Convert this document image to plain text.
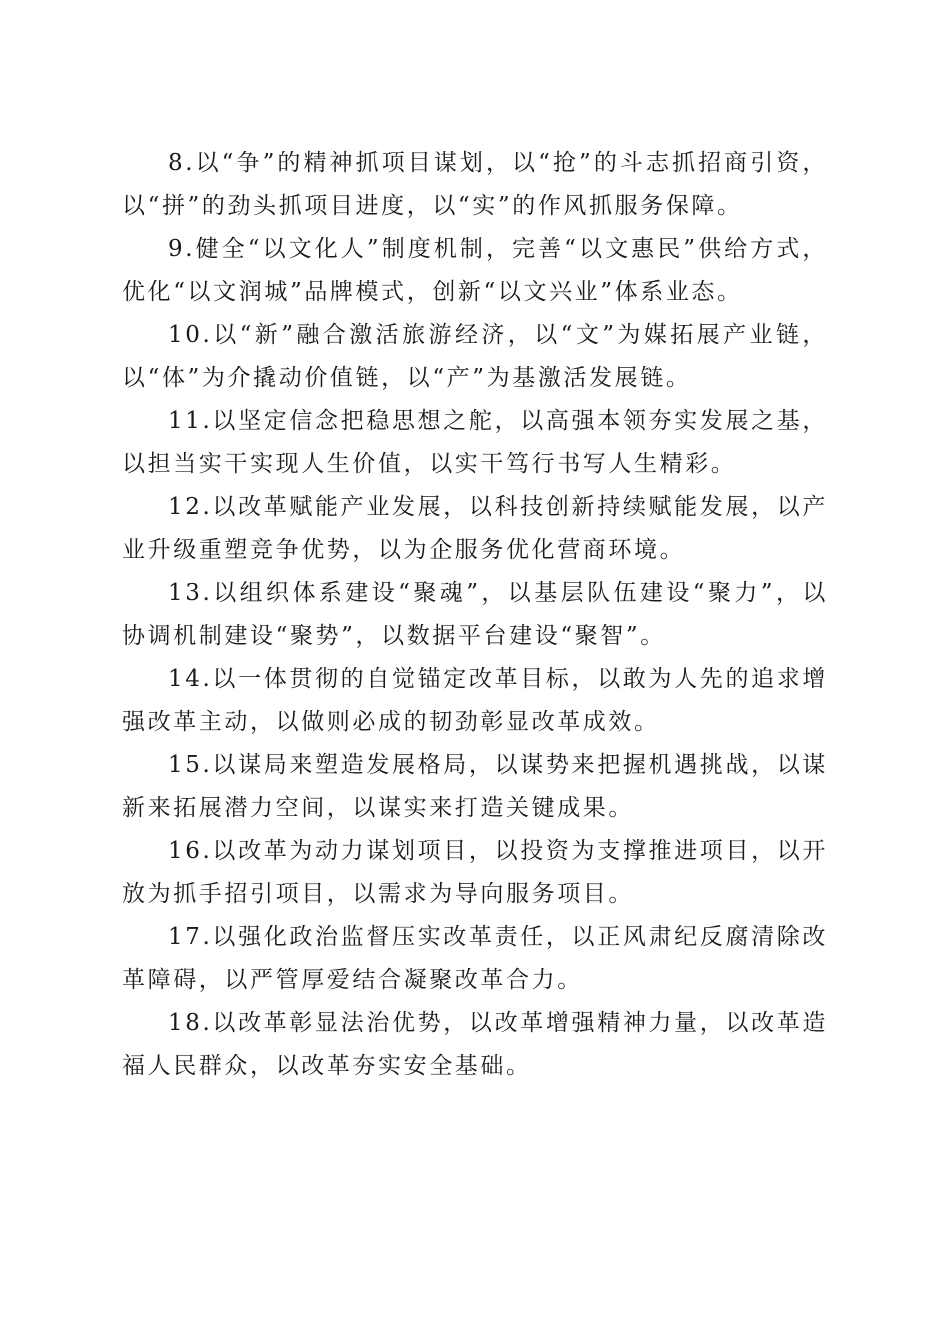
8.以“争”的精神抓项目谋划，以“抢”的斗志抓招商引资，以“拼”的劲头抓项目进度，以“实”的作风抓服务保障。

9.健全“以文化人”制度机制，完善“以文惠民”供给方式，优化“以文润城”品牌模式，创新“以文兴业”体系业态。

10.以“新”融合激活旅游经济，以“文”为媒拓展产业链，以“体”为介撬动价值链，以“产”为基激活发展链。

11.以坚定信念把稳思想之舵，以高强本领夯实发展之基，以担当实干实现人生价值，以实干笃行书写人生精彩。

12.以改革赋能产业发展，以科技创新持续赋能发展，以产业升级重塑竞争优势，以为企服务优化营商环境。

13.以组织体系建设“聚魂”，以基层队伍建设“聚力”，以协调机制建设“聚势”，以数据平台建设“聚智”。

14.以一体贯彻的自觉锚定改革目标，以敢为人先的追求增强改革主动，以做则必成的韧劲彰显改革成效。

15.以谋局来塑造发展格局，以谋势来把握机遇挑战，以谋新来拓展潜力空间，以谋实来打造关键成果。

16.以改革为动力谋划项目，以投资为支撑推进项目，以开放为抓手招引项目，以需求为导向服务项目。

17.以强化政治监督压实改革责任，以正风肃纪反腐清除改革障碍，以严管厚爱结合凝聚改革合力。

18.以改革彰显法治优势，以改革增强精神力量，以改革造福人民群众，以改革夯实安全基础。
